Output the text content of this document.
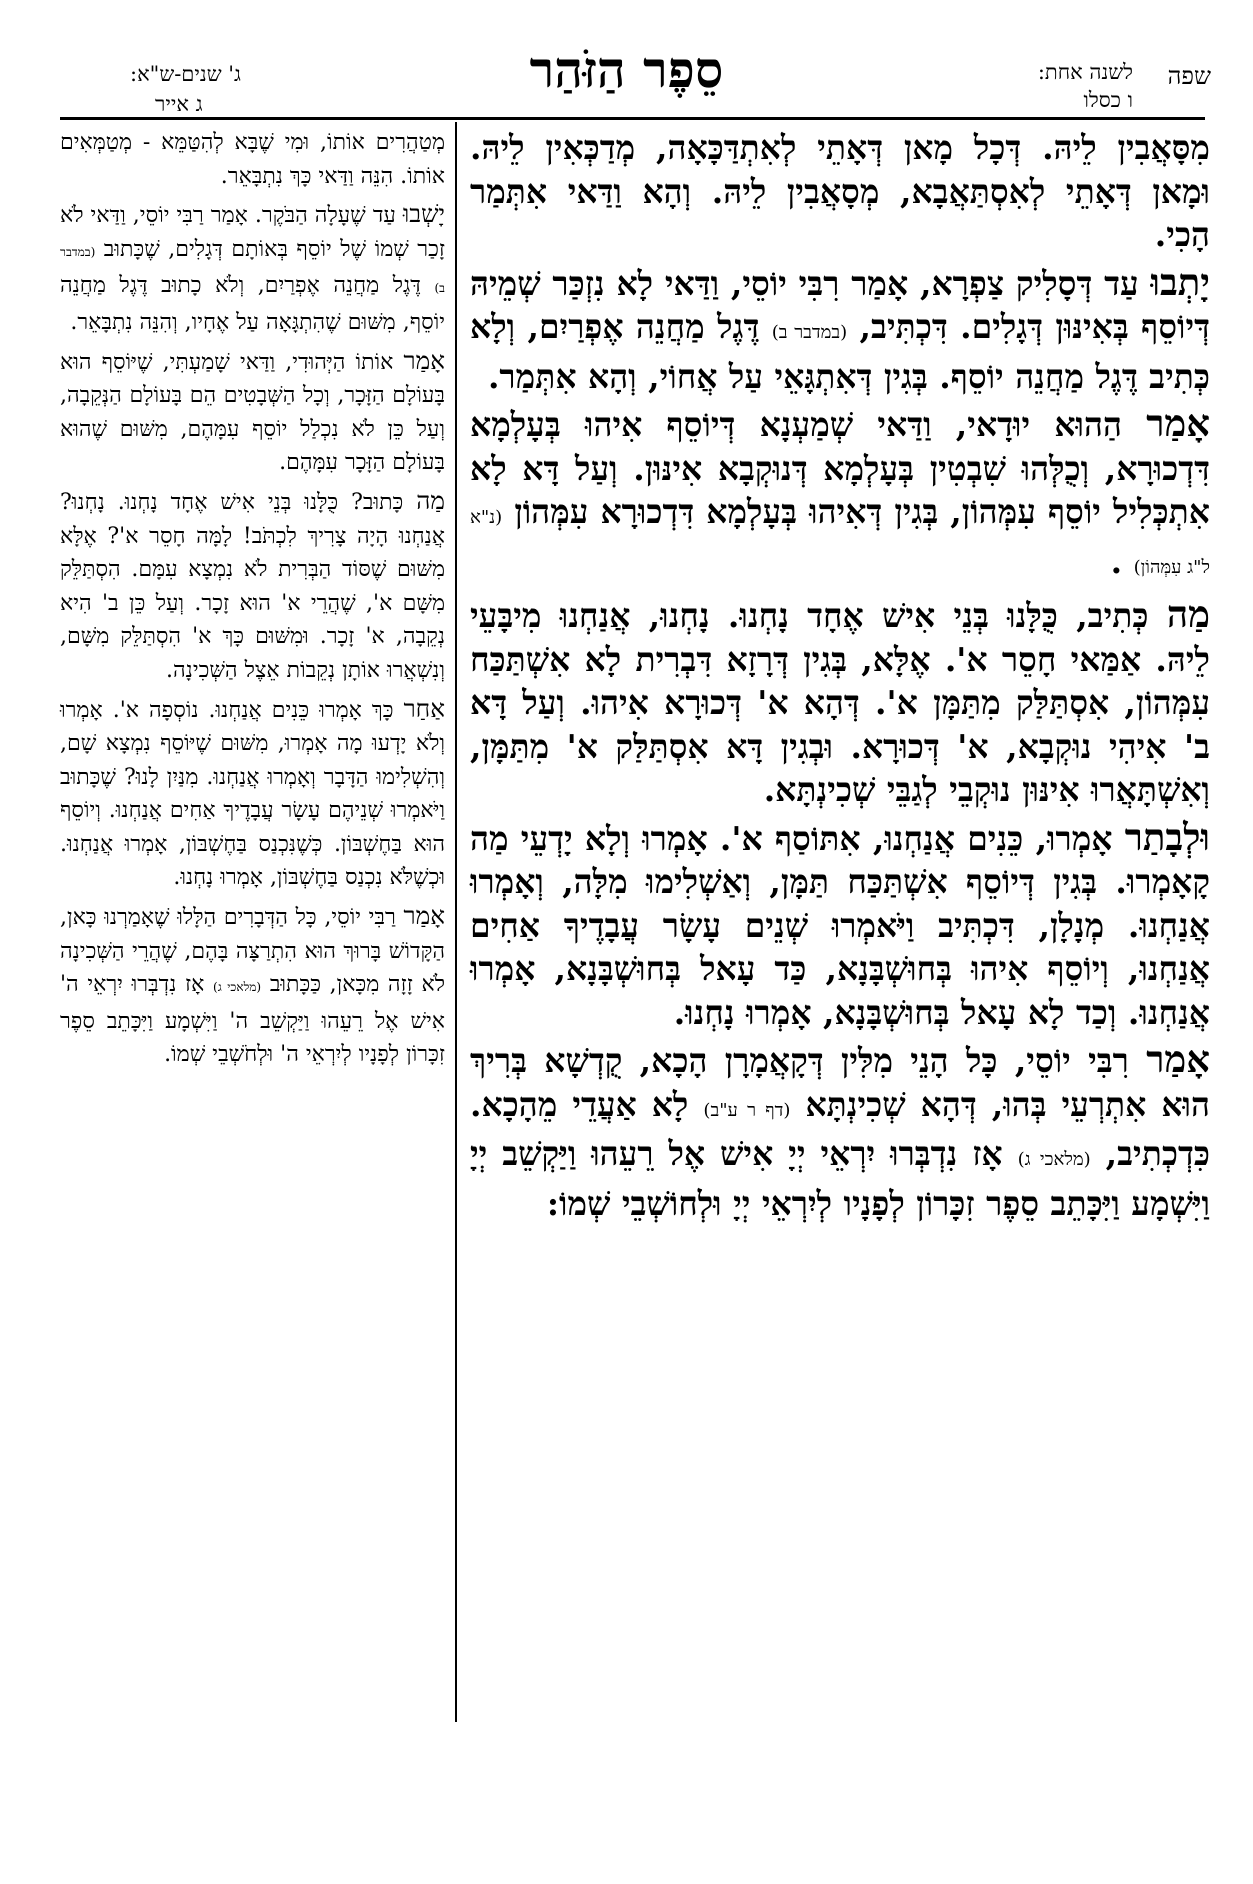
שפה
לשנה אחת:
ו כסלו
סֵפֶר הַזֹּהַר
ג' שנים-ש"א:
ג אייר

מִסָּאֲבִין לֵיהּ. דְּכָל מָאן דְּאָתֵי לְאִתְדַּכָּאָה, מְדַכְּאִין לֵיהּ. וּמָאן דְּאָתֵי לְאִסְתַּאֲבָא, מְסָאֲבִין לֵיהּ. וְהָא וַדַּאי אִתְּמַר הָכִי.

יָתְבוּ עַד דְּסָלִיק צַפְרָא, אָמַר רִבִּי יוֹסֵי, וַדַּאי לָא נִזְכַּר שְׁמֵיהּ דְּיוֹסֵף בְּאִינּוּן דְּגָלִים. דִּכְתִּיב, (במדבר ב) דֶּגֶל מַחֲנֵה אֶפְרַיִם, וְלָא כְּתִיב דֶּגֶל מַחֲנֵה יוֹסֵף. בְּגִין דְּאִתְגָּאֵי עַל אֲחוֹי, וְהָא אִתְּמַר.

אָמַר הַהוּא יוּדָאי, וַדַּאי שְׁמַעְנָא דְּיוֹסֵף אִיהוּ בְּעָלְמָא דִּדְכוּרָא, וְכֻלְּהוּ שִׁבְטִין בְּעָלְמָא דְּנוּקְבָא אִינּוּן. וְעַל דָּא לָא אִתְכְּלִיל יוֹסֵף עִמְּהוֹן, בְּגִין דְּאִיהוּ בְּעָלְמָא דִּדְכוּרָא עִמְּהוֹן (נ"א ל"ג עִמְּהוֹן) .

מַה כְּתִיב, כֻּלָּנוּ בְּנֵי אִישׁ אֶחָד נָחְנוּ. נָחְנוּ, אֲנַחְנוּ מִיבָּעֵי לֵיהּ. אַמַּאי חָסֵר א'. אֶלָּא, בְּגִין דְּרָזָא דִּבְרִית לָא אִשְׁתַּכַּח עִמְּהוֹן, אִסְתַּלַּק מִתַּמָּן א'. דְּהָא א' דְּכוּרָא אִיהוּ. וְעַל דָּא ב' אִיהִי נוּקְבָא, א' דְּכוּרָא. וּבְגִין דָּא אִסְתַּלַּק א' מִתַּמָּן, וְאִשְׁתָּאֲרוּ אִינּוּן נוּקְבֵי לְגַבֵּי שְׁכִינְתָּא.

וּלְבָתַר אָמְרוּ, כֵּנִים אֲנַחְנוּ, אִתּוֹסַף א'. אָמְרוּ וְלָא יָדְעֵי מַה קָאָמְרוּ. בְּגִין דְּיוֹסֵף אִשְׁתַּכַּח תַּמָּן, וְאַשְׁלִימוּ מִלָּה, וְאָמְרוּ אֲנַחְנוּ. מְנָלָן, דִּכְתִּיב וַיֹּאמְרוּ שְׁנֵים עָשָׂר עֲבָדֶיךָ אַחִים אֲנַחְנוּ, וְיוֹסֵף אִיהוּ בְּחוּשְׁבָּנָא, כַּד עָאל בְּחוּשְׁבָּנָא, אָמְרוּ אֲנַחְנוּ. וְכַד לָא עָאל בְּחוּשְׁבָּנָא, אָמְרוּ נָחְנוּ.

אָמַר רִבִּי יוֹסֵי, כָּל הָנֵי מִלִּין דְּקָאֲמָרָן הָכָא, קֻדְשָׁא בְּרִיךְ הוּא אִתְרְעֵי בְּהוּ, דְּהָא שְׁכִינְתָּא (דף ר ע"ב) לָא אַעֲדֵי מֵהָכָא. כִּדְכְתִיב, (מלאכי ג) אָז נִדְבְּרוּ יִרְאֵי יְיָ אִישׁ אֶל רֵעֵהוּ וַיַּקְשֵׁב יְיָ וַיִּשְׁמָע וַיִּכָּתֵב סֵפֶר זִכָּרוֹן לְפָנָיו לְיִרְאֵי יְיָ וּלְחוֹשְׁבֵי שְׁמוֹ:

מְטַהֲרִים אוֹתוֹ, וּמִי שֶׁבָּא לְהִטַּמֵּא - מְטַמְּאִים אוֹתוֹ. הִנֵּה וַדַּאי כָּךְ נִתְבָּאֵר.

יָשְׁבוּ עַד שֶׁעָלָה הַבֹּקֶר. אָמַר רַבִּי יוֹסֵי, וַדַּאי לֹא זָכַר שְׁמוֹ שֶׁל יוֹסֵף בְּאוֹתָם דְּגָלִים, שֶׁכָּתוּב (במדבר ב) דֶּגֶל מַחֲנֵה אֶפְרַיִם, וְלֹא כָתוּב דֶּגֶל מַחֲנֵה יוֹסֵף, מִשּׁוּם שֶׁהִתְגָּאָה עַל אֶחָיו, וְהִנֵּה נִתְבָּאֵר.

אָמַר אוֹתוֹ הַיְּהוּדִי, וַדַּאי שָׁמַעְתִּי, שֶׁיּוֹסֵף הוּא בָּעוֹלָם הַזָּכָר, וְכָל הַשְּׁבָטִים הֵם בָּעוֹלָם הַנְּקֵבָה, וְעַל כֵּן לֹא נִכְלַל יוֹסֵף עִמָּהֶם, מִשּׁוּם שֶׁהוּא בָּעוֹלָם הַזָּכָר עִמָּהֶם.

מַה כָּתוּב? כֻּלָּנוּ בְּנֵי אִישׁ אֶחָד נָחְנוּ. נָחְנוּ? אֲנַחְנוּ הָיָה צָרִיךְ לִכְתֹּב! לָמָּה חָסֵר א'? אֶלָּא מִשּׁוּם שֶׁסּוֹד הַבְּרִית לֹא נִמְצָא עִמָּם. הִסְתַּלֵּק מִשָּׁם א', שֶׁהֲרֵי א' הוּא זָכָר. וְעַל כֵּן ב' הִיא נְקֵבָה, א' זָכָר. וּמִשּׁוּם כָּךְ א' הִסְתַּלֵּק מִשָּׁם, וְנִשְׁאֲרוּ אוֹתָן נְקֵבוֹת אֵצֶל הַשְּׁכִינָה.

אַחַר כָּךְ אָמְרוּ כֵּנִים אֲנַחְנוּ. נוֹסְפָה א'. אָמְרוּ וְלֹא יָדְעוּ מָה אָמְרוּ, מִשּׁוּם שֶׁיּוֹסֵף נִמְצָא שָׁם, וְהִשְׁלִימוּ הַדָּבָר וְאָמְרוּ אֲנַחְנוּ. מִנַּיִן לָנוּ? שֶׁכָּתוּב וַיֹּאמְרוּ שְׁנֵיהֶם עָשָׂר עֲבָדֶיךָ אַחִים אֲנַחְנוּ. וְיוֹסֵף הוּא בַּחֶשְׁבּוֹן. כְּשֶׁנִּכְנַס בַּחֶשְׁבּוֹן, אָמְרוּ אֲנַחְנוּ. וּכְשֶׁלֹּא נִכְנַס בַּחֶשְׁבּוֹן, אָמְרוּ נָחְנוּ.

אָמַר רַבִּי יוֹסֵי, כָּל הַדְּבָרִים הַלָּלוּ שֶׁאָמַרְנוּ כָּאן, הַקָּדוֹשׁ בָּרוּךְ הוּא הִתְרַצָּה בָּהֶם, שֶׁהֲרֵי הַשְּׁכִינָה לֹא זָזָה מִכָּאן, כַּכָּתוּב (מלאכי ג) אָז נִדְבְּרוּ יִרְאֵי ה' אִישׁ אֶל רֵעֵהוּ וַיַּקְשֵׁב ה' וַיִּשְׁמָע וַיִּכָּתֵב סֵפֶר זִכָּרוֹן לְפָנָיו לְיִרְאֵי ה' וּלְחֹשְׁבֵי שְׁמוֹ.
